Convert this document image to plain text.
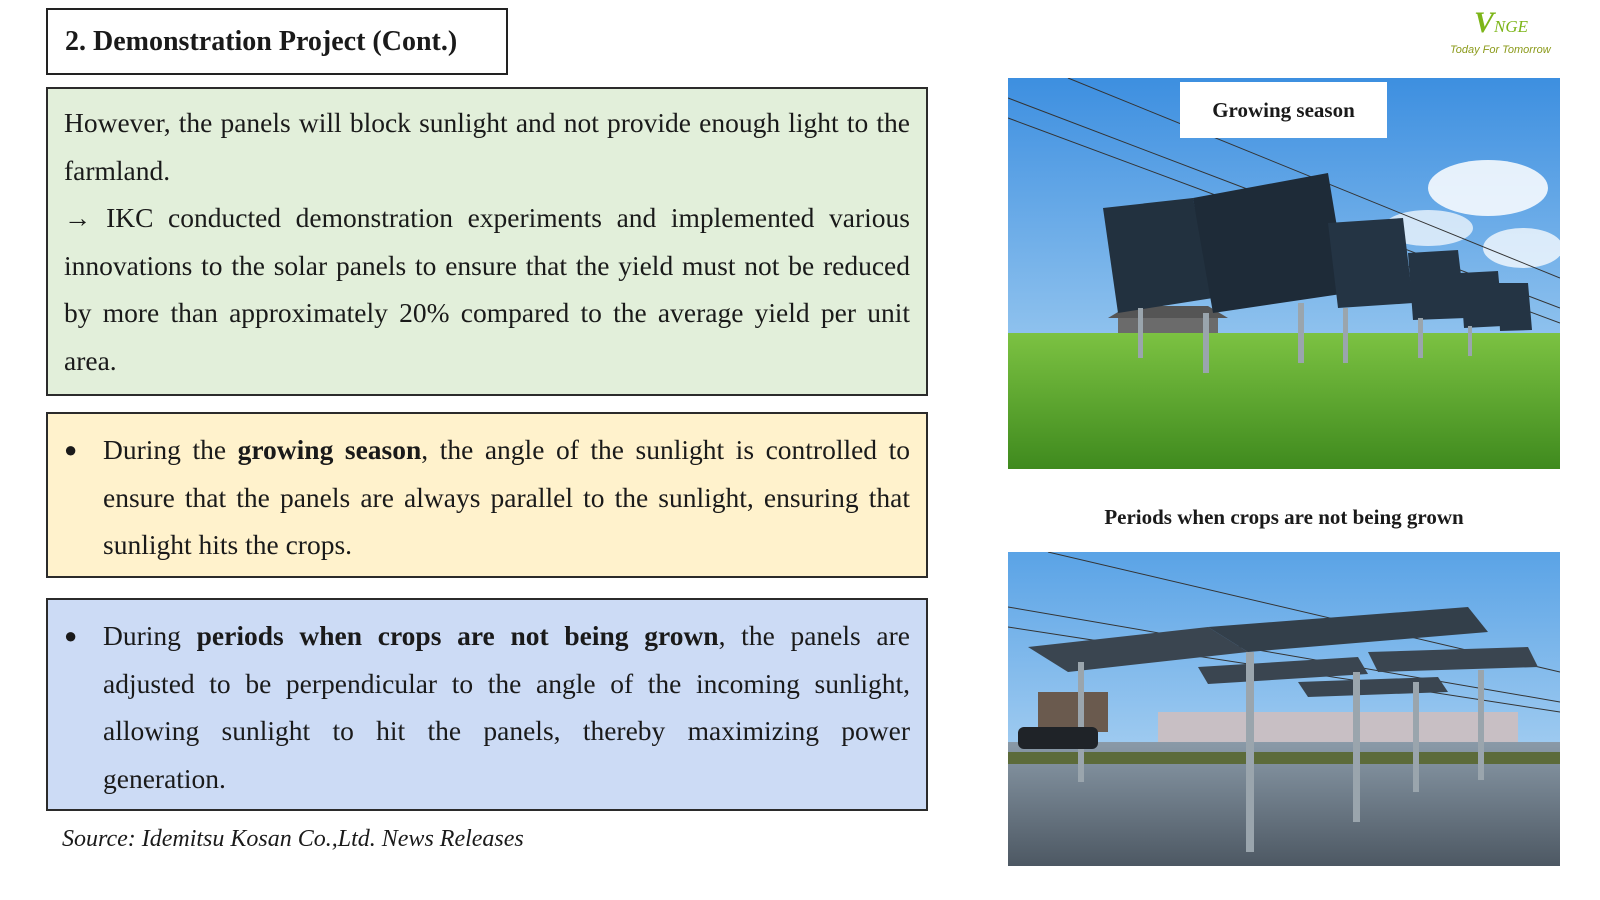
2. Demonstration Project (Cont.)
VNGE
Today For Tomorrow

However, the panels will block sunlight and not provide enough light to the farmland.

→ IKC conducted demonstration experiments and implemented various innovations to the solar panels to ensure that the yield must not be reduced by more than approximately 20% compared to the average yield per unit area.

● During the growing season, the angle of the sunlight is controlled to ensure that the panels are always parallel to the sunlight, ensuring that sunlight hits the crops.
● During periods when crops are not being grown, the panels are adjusted to be perpendicular to the angle of the incoming sunlight, allowing sunlight to hit the panels, thereby maximizing power generation.
Source: Idemitsu Kosan Co.,Ltd. News Releases
Growing season
Periods when crops are not being grown
